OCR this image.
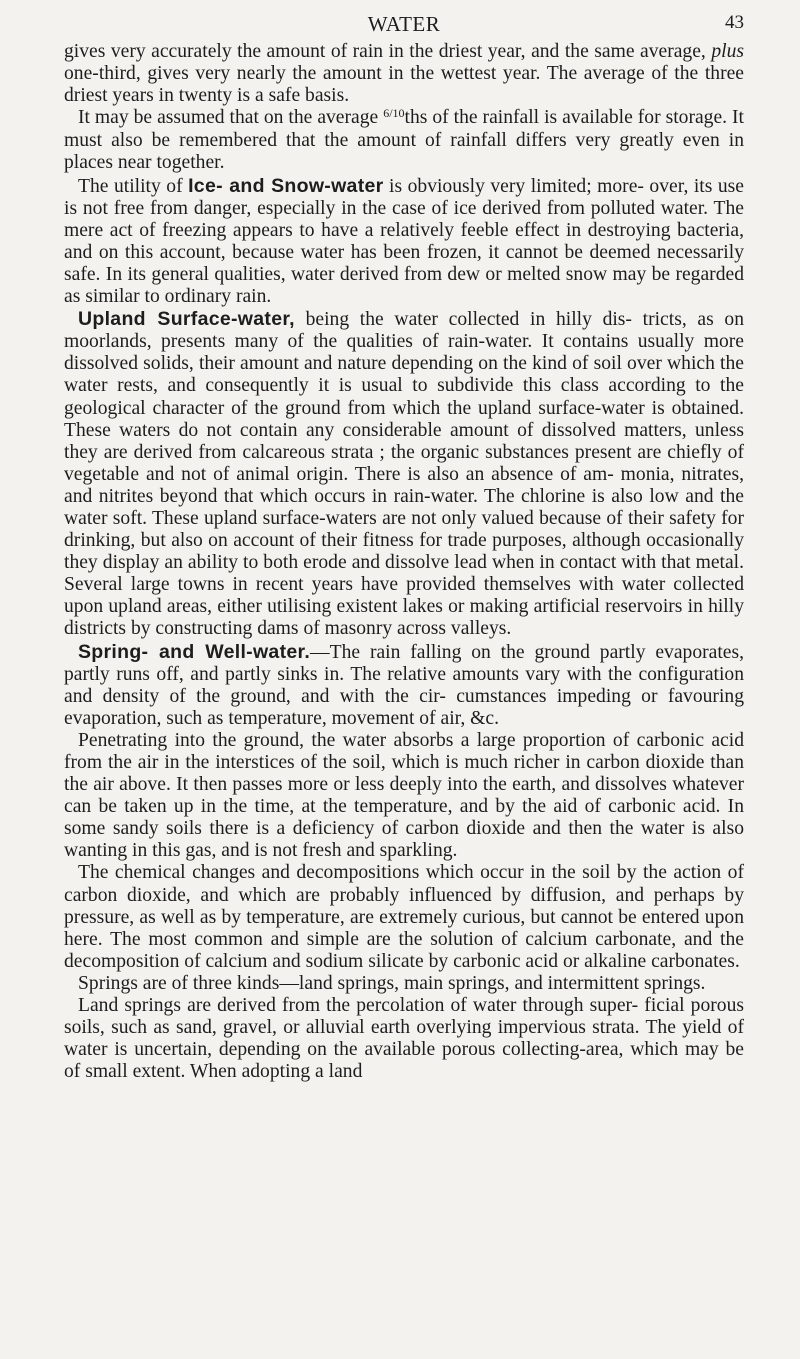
WATER	43

gives very accurately the amount of rain in the driest year, and the same average, plus one-third, gives very nearly the amount in the wettest year. The average of the three driest years in twenty is a safe basis.

It may be assumed that on the average $^{6/10}$ths of the rainfall is available for storage. It must also be remembered that the amount of rainfall differs very greatly even in places near together.

The utility of Ice- and Snow-water is obviously very limited; more- over, its use is not free from danger, especially in the case of ice derived from polluted water. The mere act of freezing appears to have a relatively feeble effect in destroying bacteria, and on this account, because water has been frozen, it cannot be deemed necessarily safe. In its general qualities, water derived from dew or melted snow may be regarded as similar to ordinary rain.

Upland Surface-water, being the water collected in hilly dis- tricts, as on moorlands, presents many of the qualities of rain-water. It contains usually more dissolved solids, their amount and nature depending on the kind of soil over which the water rests, and consequently it is usual to subdivide this class according to the geological character of the ground from which the upland surface-water is obtained. These waters do not contain any considerable amount of dissolved matters, unless they are derived from calcareous strata ; the organic substances present are chiefly of vegetable and not of animal origin. There is also an absence of am- monia, nitrates, and nitrites beyond that which occurs in rain-water. The chlorine is also low and the water soft. These upland surface-waters are not only valued because of their safety for drinking, but also on account of their fitness for trade purposes, although occasionally they display an ability to both erode and dissolve lead when in contact with that metal. Several large towns in recent years have provided themselves with water collected upon upland areas, either utilising existent lakes or making artificial reservoirs in hilly districts by constructing dams of masonry across valleys.

Spring- and Well-water.—The rain falling on the ground partly evaporates, partly runs off, and partly sinks in. The relative amounts vary with the configuration and density of the ground, and with the cir- cumstances impeding or favouring evaporation, such as temperature, movement of air, &c.

Penetrating into the ground, the water absorbs a large proportion of carbonic acid from the air in the interstices of the soil, which is much richer in carbon dioxide than the air above. It then passes more or less deeply into the earth, and dissolves whatever can be taken up in the time, at the temperature, and by the aid of carbonic acid. In some sandy soils there is a deficiency of carbon dioxide and then the water is also wanting in this gas, and is not fresh and sparkling.

The chemical changes and decompositions which occur in the soil by the action of carbon dioxide, and which are probably influenced by diffusion, and perhaps by pressure, as well as by temperature, are extremely curious, but cannot be entered upon here. The most common and simple are the solution of calcium carbonate, and the decomposition of calcium and sodium silicate by carbonic acid or alkaline carbonates.

Springs are of three kinds—land springs, main springs, and intermittent springs.

Land springs are derived from the percolation of water through super- ficial porous soils, such as sand, gravel, or alluvial earth overlying impervious strata. The yield of water is uncertain, depending on the available porous collecting-area, which may be of small extent. When adopting a land
